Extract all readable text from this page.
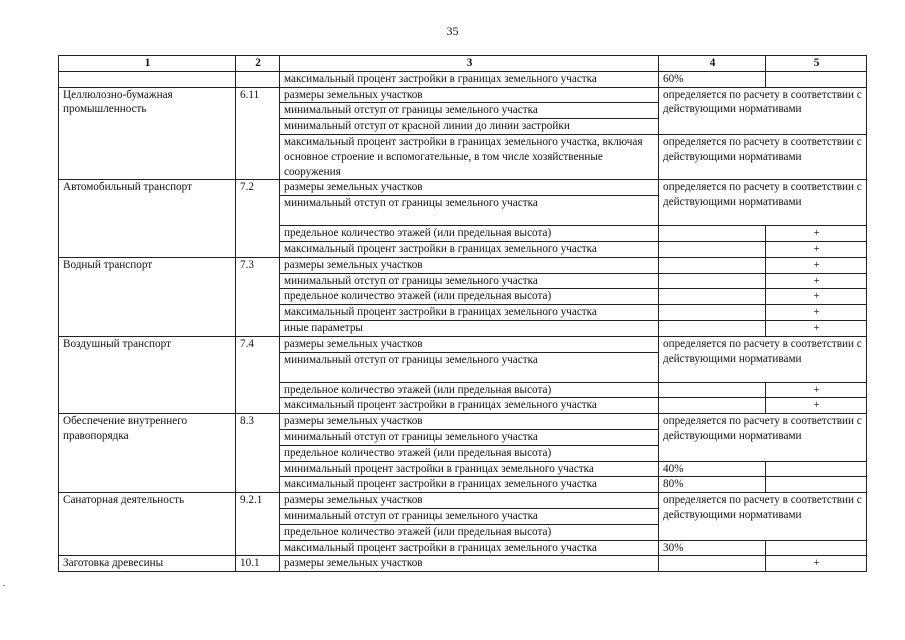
35
1	2	3	4	5
		максимальный процент застройки в границах земельного участка	60%	
Целлюлозно-бумажная промышленность	6.11	размеры земельных участков	определяется по расчету в соответствии с действующими нормативами	
		минимальный отступ от границы земельного участка		
		минимальный отступ от красной линии до линии застройки		
		максимальный процент застройки в границах земельного участка, включая основное строение и вспомогательные, в том числе хозяйственные сооружения	определяется по расчету в соответствии с действующими нормативами	
Автомобильный транспорт	7.2	размеры земельных участков	определяется по расчету в соответствии с действующими нормативами	
		минимальный отступ от границы земельного участка		
		предельное количество этажей (или предельная высота)		+
		максимальный процент застройки в границах земельного участка		+
Водный транспорт	7.3	размеры земельных участков		+
		минимальный отступ от границы земельного участка		+
		предельное количество этажей (или предельная высота)		+
		максимальный процент застройки в границах земельного участка		+
		иные параметры		+
Воздушный транспорт	7.4	размеры земельных участков	определяется по расчету в соответствии с действующими нормативами	
		минимальный отступ от границы земельного участка		
		предельное количество этажей (или предельная высота)		+
		максимальный процент застройки в границах земельного участка		+
Обеспечение внутреннего правопорядка	8.3	размеры земельных участков	определяется по расчету в соответствии с действующими нормативами	
		минимальный отступ от границы земельного участка		
		предельное количество этажей (или предельная высота)		
		минимальный процент застройки в границах земельного участка	40%	
		максимальный процент застройки в границах земельного участка	80%	
Санаторная деятельность	9.2.1	размеры земельных участков	определяется по расчету в соответствии с действующими нормативами	
		минимальный отступ от границы земельного участка		
		предельное количество этажей (или предельная высота)		
		максимальный процент застройки в границах земельного участка	30%	
Заготовка древесины	10.1	размеры земельных участков		+
